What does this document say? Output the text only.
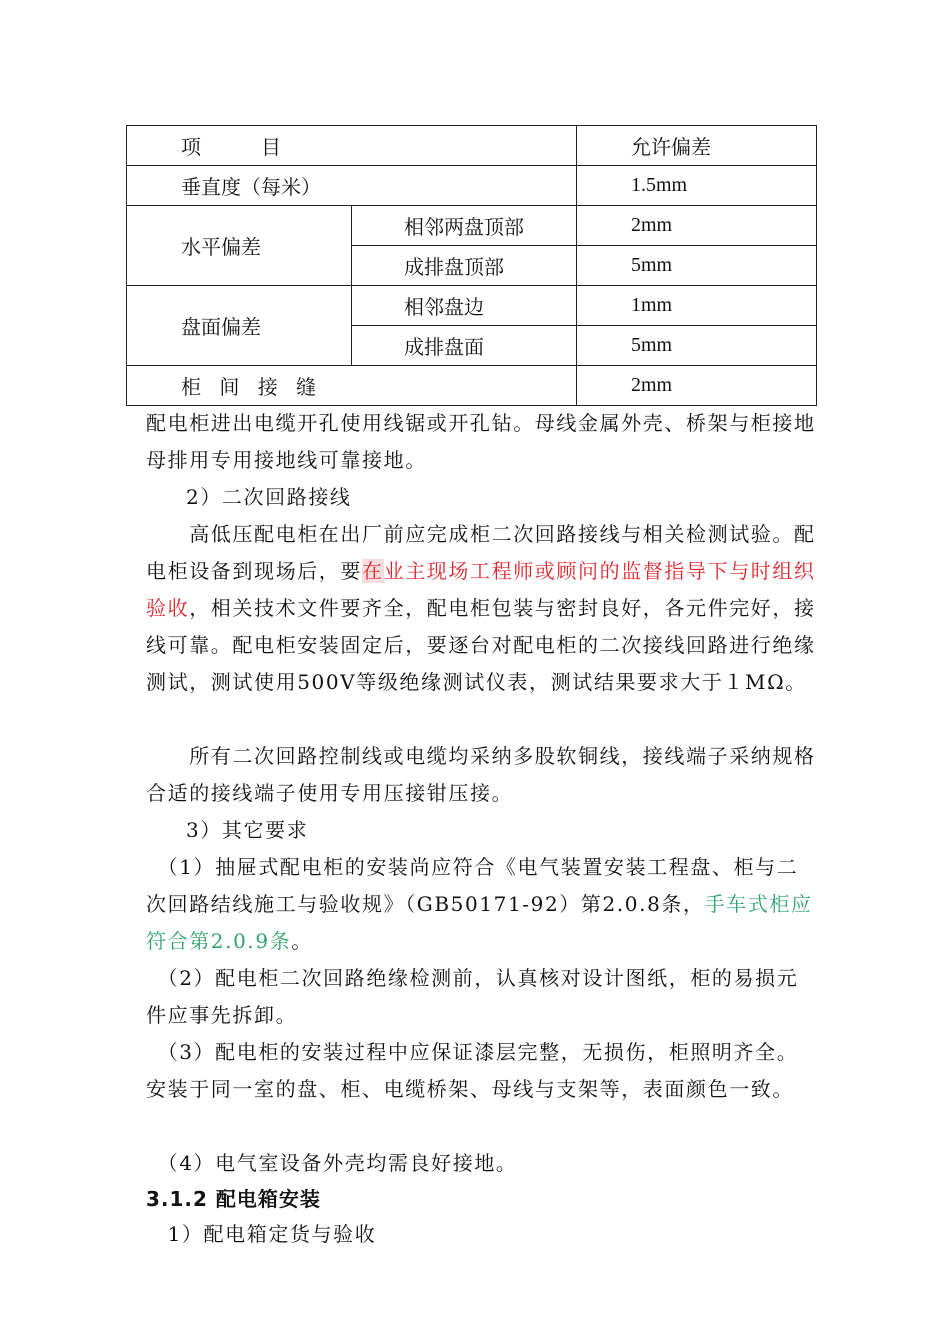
项　　　目		允许偏差
垂直度（每米）		1.5mm
水平偏差	相邻两盘顶部	2mm
	成排盘顶部	5mm
盘面偏差	相邻盘边	1mm
	成排盘面	5mm
柜 间 接 缝		2mm

配电柜进出电缆开孔使用线锯或开孔钻。母线金属外壳、桥架与柜接地母排用专用接地线可靠接地。

2）二次回路接线

　　高低压配电柜在出厂前应完成柜二次回路接线与相关检测试验。配电柜设备到现场后，要在业主现场工程师或顾问的监督指导下与时组织验收，相关技术文件要齐全，配电柜包装与密封良好，各元件完好，接线可靠。配电柜安装固定后，要逐台对配电柜的二次接线回路进行绝缘测试，测试使用500V等级绝缘测试仪表，测试结果要求大于１MΩ。

　　所有二次回路控制线或电缆均采纳多股软铜线，接线端子采纳规格合适的接线端子使用专用压接钳压接。

3）其它要求

　（1）抽屉式配电柜的安装尚应符合《电气装置安装工程盘、柜与二次回路结线施工与验收规》（GB50171-92）第2.0.8条，手车式柜应符合第2.0.9条。

　（2）配电柜二次回路绝缘检测前，认真核对设计图纸，柜的易损元件应事先拆卸。

　（3）配电柜的安装过程中应保证漆层完整，无损伤，柜照明齐全。安装于同一室的盘、柜、电缆桥架、母线与支架等，表面颜色一致。

　（4）电气室设备外壳均需良好接地。

3.1.2 配电箱安装

　1）配电箱定货与验收
